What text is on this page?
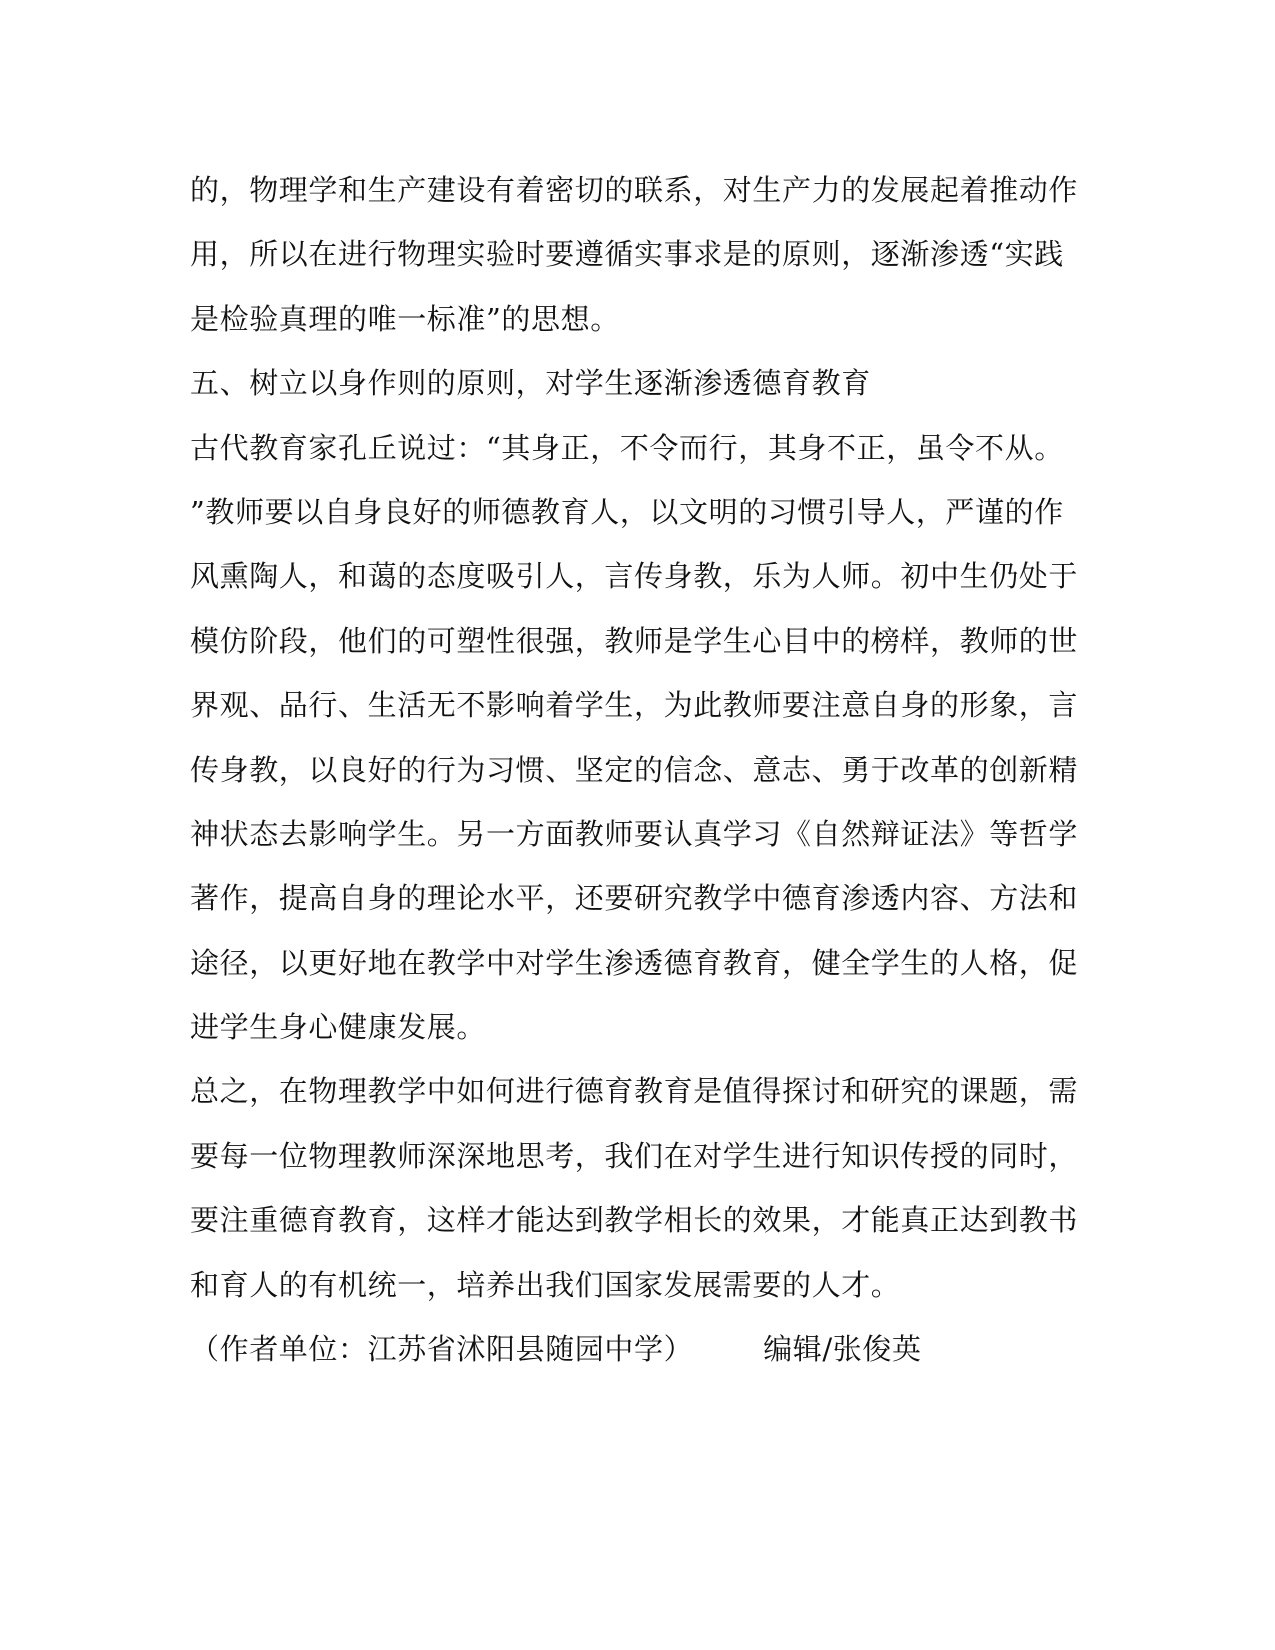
的，物理学和生产建设有着密切的联系，对生产力的发展起着推动作
用，所以在进行物理实验时要遵循实事求是的原则，逐渐渗透“实践
是检验真理的唯一标准”的思想。
五、树立以身作则的原则，对学生逐渐渗透德育教育
古代教育家孔丘说过：“其身正，不令而行，其身不正，虽令不从。
”教师要以自身良好的师德教育人，以文明的习惯引导人，严谨的作
风熏陶人，和蔼的态度吸引人，言传身教，乐为人师。初中生仍处于
模仿阶段，他们的可塑性很强，教师是学生心目中的榜样，教师的世
界观、品行、生活无不影响着学生，为此教师要注意自身的形象，言
传身教，以良好的行为习惯、坚定的信念、意志、勇于改革的创新精
神状态去影响学生。另一方面教师要认真学习《自然辩证法》等哲学
著作，提高自身的理论水平，还要研究教学中德育渗透内容、方法和
途径，以更好地在教学中对学生渗透德育教育，健全学生的人格，促
进学生身心健康发展。
总之，在物理教学中如何进行德育教育是值得探讨和研究的课题，需
要每一位物理教师深深地思考，我们在对学生进行知识传授的同时，
要注重德育教育，这样才能达到教学相长的效果，才能真正达到教书
和育人的有机统一，培养出我们国家发展需要的人才。
（作者单位：江苏省沭阳县随园中学） 编辑/张俊英
